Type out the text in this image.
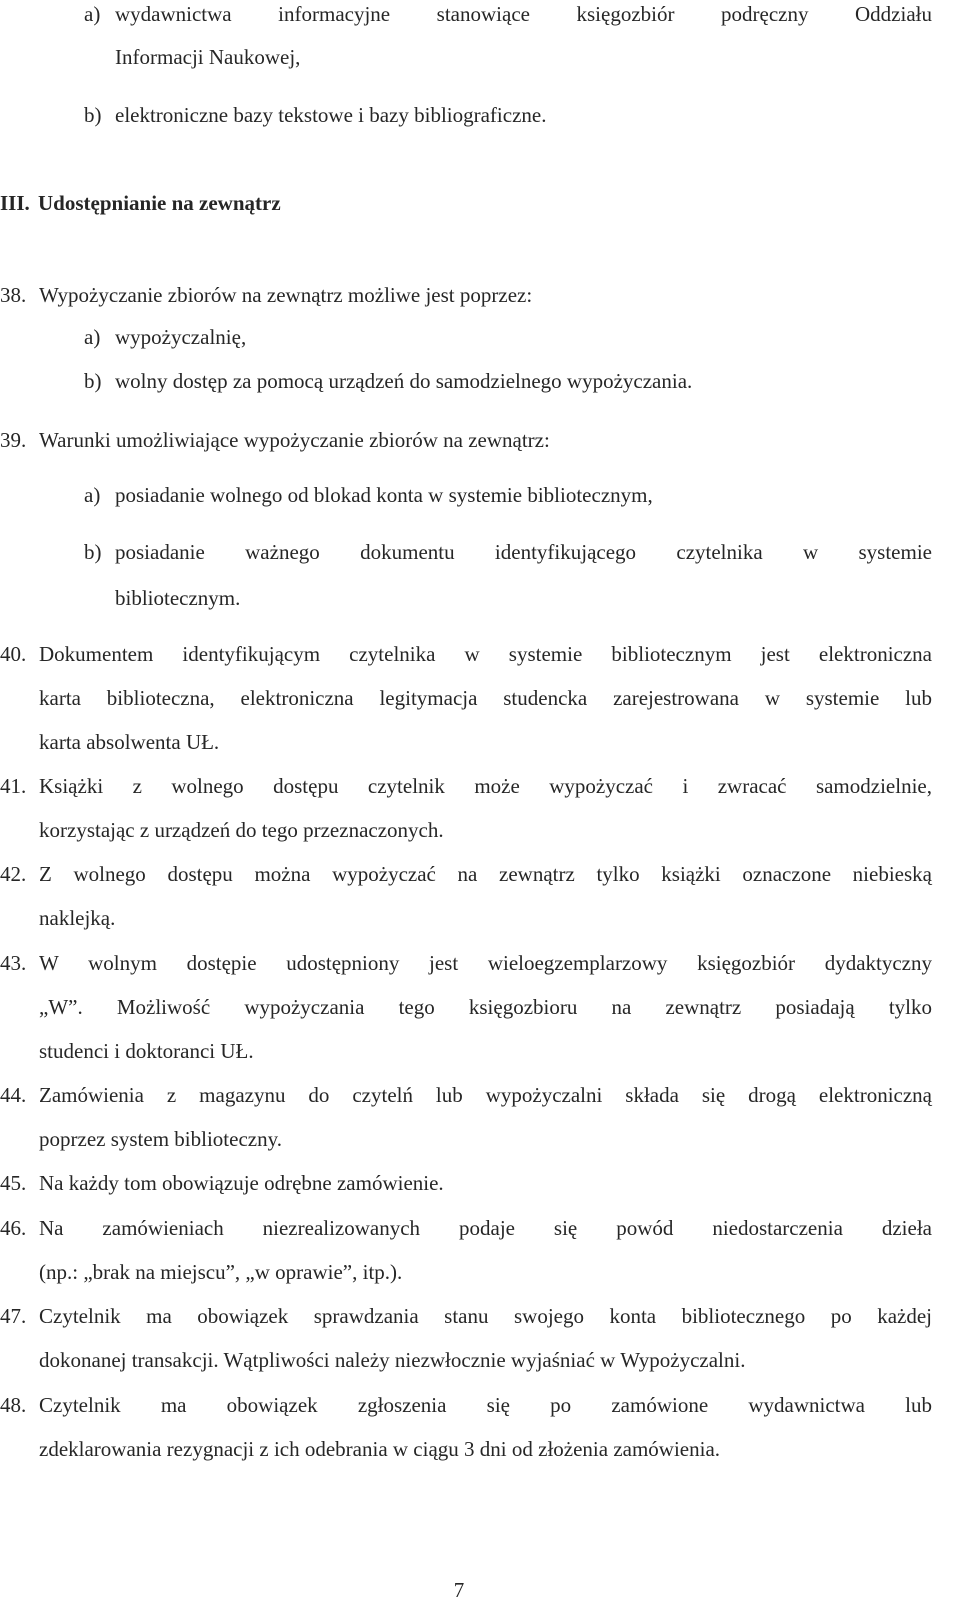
a) wydawnictwa informacyjne stanowiące księgozbiór podręczny Oddziału
Informacji Naukowej,
b) elektroniczne bazy tekstowe i bazy bibliograficzne.
III. Udostępnianie na zewnątrz
38. Wypożyczanie zbiorów na zewnątrz możliwe jest poprzez:
a) wypożyczalnię,
b) wolny dostęp za pomocą urządzeń do samodzielnego wypożyczania.
39. Warunki umożliwiające wypożyczanie zbiorów na zewnątrz:
a) posiadanie wolnego od blokad konta w systemie bibliotecznym,
b) posiadanie ważnego dokumentu identyfikującego czytelnika w systemie
bibliotecznym.
40. Dokumentem identyfikującym czytelnika w systemie bibliotecznym jest elektroniczna
karta biblioteczna, elektroniczna legitymacja studencka zarejestrowana w systemie lub
karta absolwenta UŁ.
41. Książki z wolnego dostępu czytelnik może wypożyczać i zwracać samodzielnie,
korzystając z urządzeń do tego przeznaczonych.
42. Z wolnego dostępu można wypożyczać na zewnątrz tylko książki oznaczone niebieską
naklejką.
43. W wolnym dostępie udostępniony jest wieloegzemplarzowy księgozbiór dydaktyczny
„W”. Możliwość wypożyczania tego księgozbioru na zewnątrz posiadają tylko
studenci i doktoranci UŁ.
44. Zamówienia z magazynu do czytelń lub wypożyczalni składa się drogą elektroniczną
poprzez system biblioteczny.
45. Na każdy tom obowiązuje odrębne zamówienie.
46. Na zamówieniach niezrealizowanych podaje się powód niedostarczenia dzieła
(np.: „brak na miejscu”, „w oprawie”, itp.).
47. Czytelnik ma obowiązek sprawdzania stanu swojego konta bibliotecznego po każdej
dokonanej transakcji. Wątpliwości należy niezwłocznie wyjaśniać w Wypożyczalni.
48. Czytelnik ma obowiązek zgłoszenia się po zamówione wydawnictwa lub
zdeklarowania rezygnacji z ich odebrania w ciągu 3 dni od złożenia zamówienia.
7
